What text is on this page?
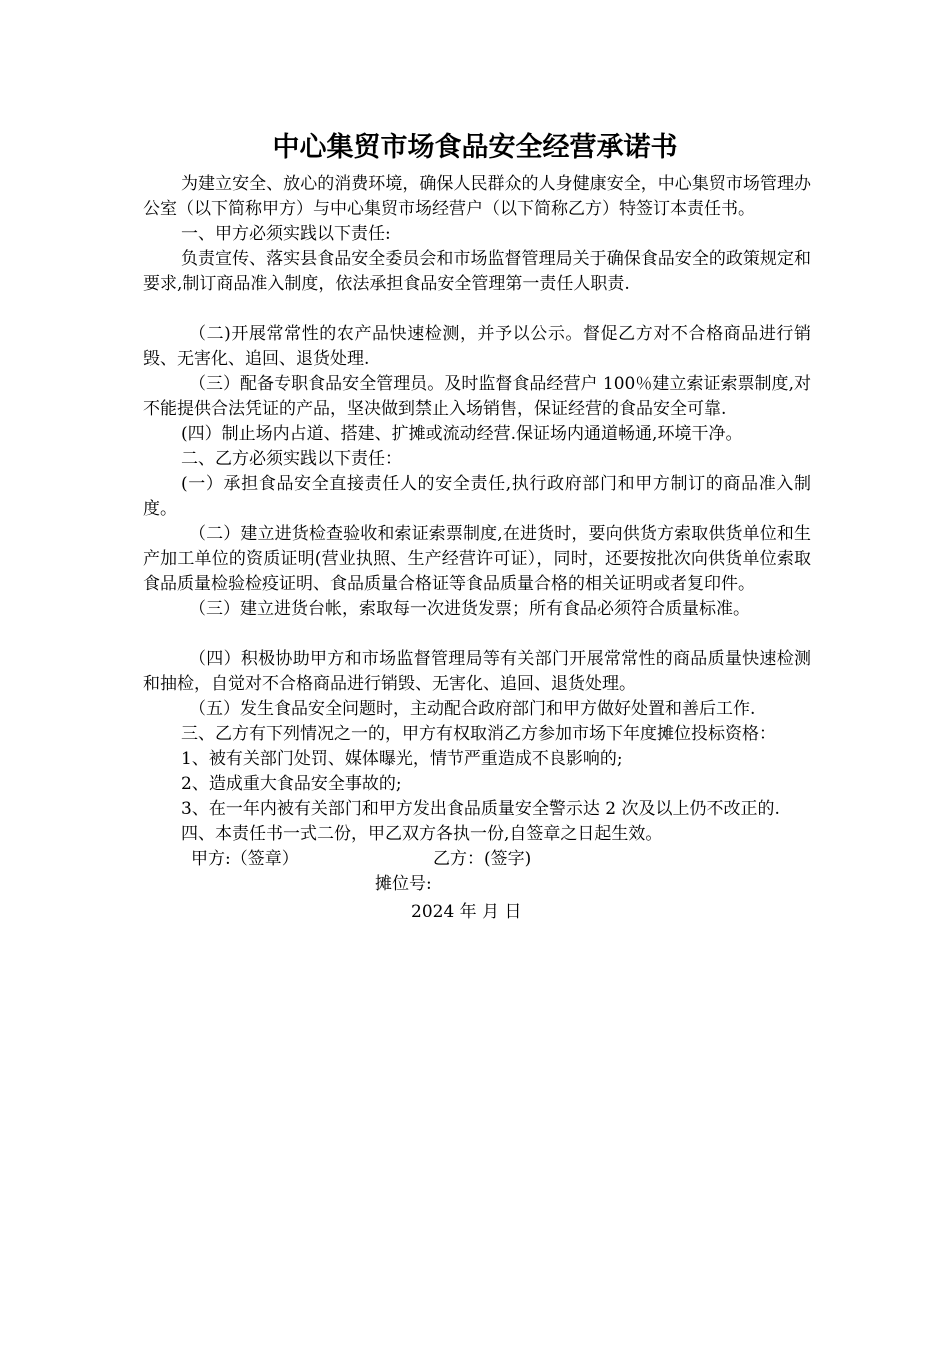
中心集贸市场食品安全经营承诺书

为建立安全、放心的消费环境，确保人民群众的人身健康安全，中心集贸市场管理办公室（以下简称甲方）与中心集贸市场经营户（以下简称乙方）特签订本责任书。

一、甲方必须实践以下责任:

负责宣传、落实县食品安全委员会和市场监督管理局关于确保食品安全的政策规定和要求,制订商品准入制度，依法承担食品安全管理第一责任人职责.

（二)开展常常性的农产品快速检测，并予以公示。督促乙方对不合格商品进行销毁、无害化、追回、退货处理.

（三）配备专职食品安全管理员。及时监督食品经营户 100％建立索证索票制度,对不能提供合法凭证的产品，坚决做到禁止入场销售，保证经营的食品安全可靠.

(四）制止场内占道、搭建、扩摊或流动经营.保证场内通道畅通,环境干净。

二、乙方必须实践以下责任：

(一）承担食品安全直接责任人的安全责任,执行政府部门和甲方制订的商品准入制度。

（二）建立进货检查验收和索证索票制度,在进货时，要向供货方索取供货单位和生产加工单位的资质证明(营业执照、生产经营许可证），同时，还要按批次向供货单位索取食品质量检验检疫证明、食品质量合格证等食品质量合格的相关证明或者复印件。

（三）建立进货台帐，索取每一次进货发票；所有食品必须符合质量标准。

（四）积极协助甲方和市场监督管理局等有关部门开展常常性的商品质量快速检测和抽检，自觉对不合格商品进行销毁、无害化、追回、退货处理。

（五）发生食品安全问题时，主动配合政府部门和甲方做好处置和善后工作.

三、乙方有下列情况之一的，甲方有权取消乙方参加市场下年度摊位投标资格：

1、被有关部门处罚、媒体曝光，情节严重造成不良影响的;

2、造成重大食品安全事故的;

3、在一年内被有关部门和甲方发出食品质量安全警示达 2 次及以上仍不改正的.

四、本责任书一式二份，甲乙双方各执一份,自签章之日起生效。

甲方:（签章）	乙方：(签字)
摊位号:
2024 年 月 日
